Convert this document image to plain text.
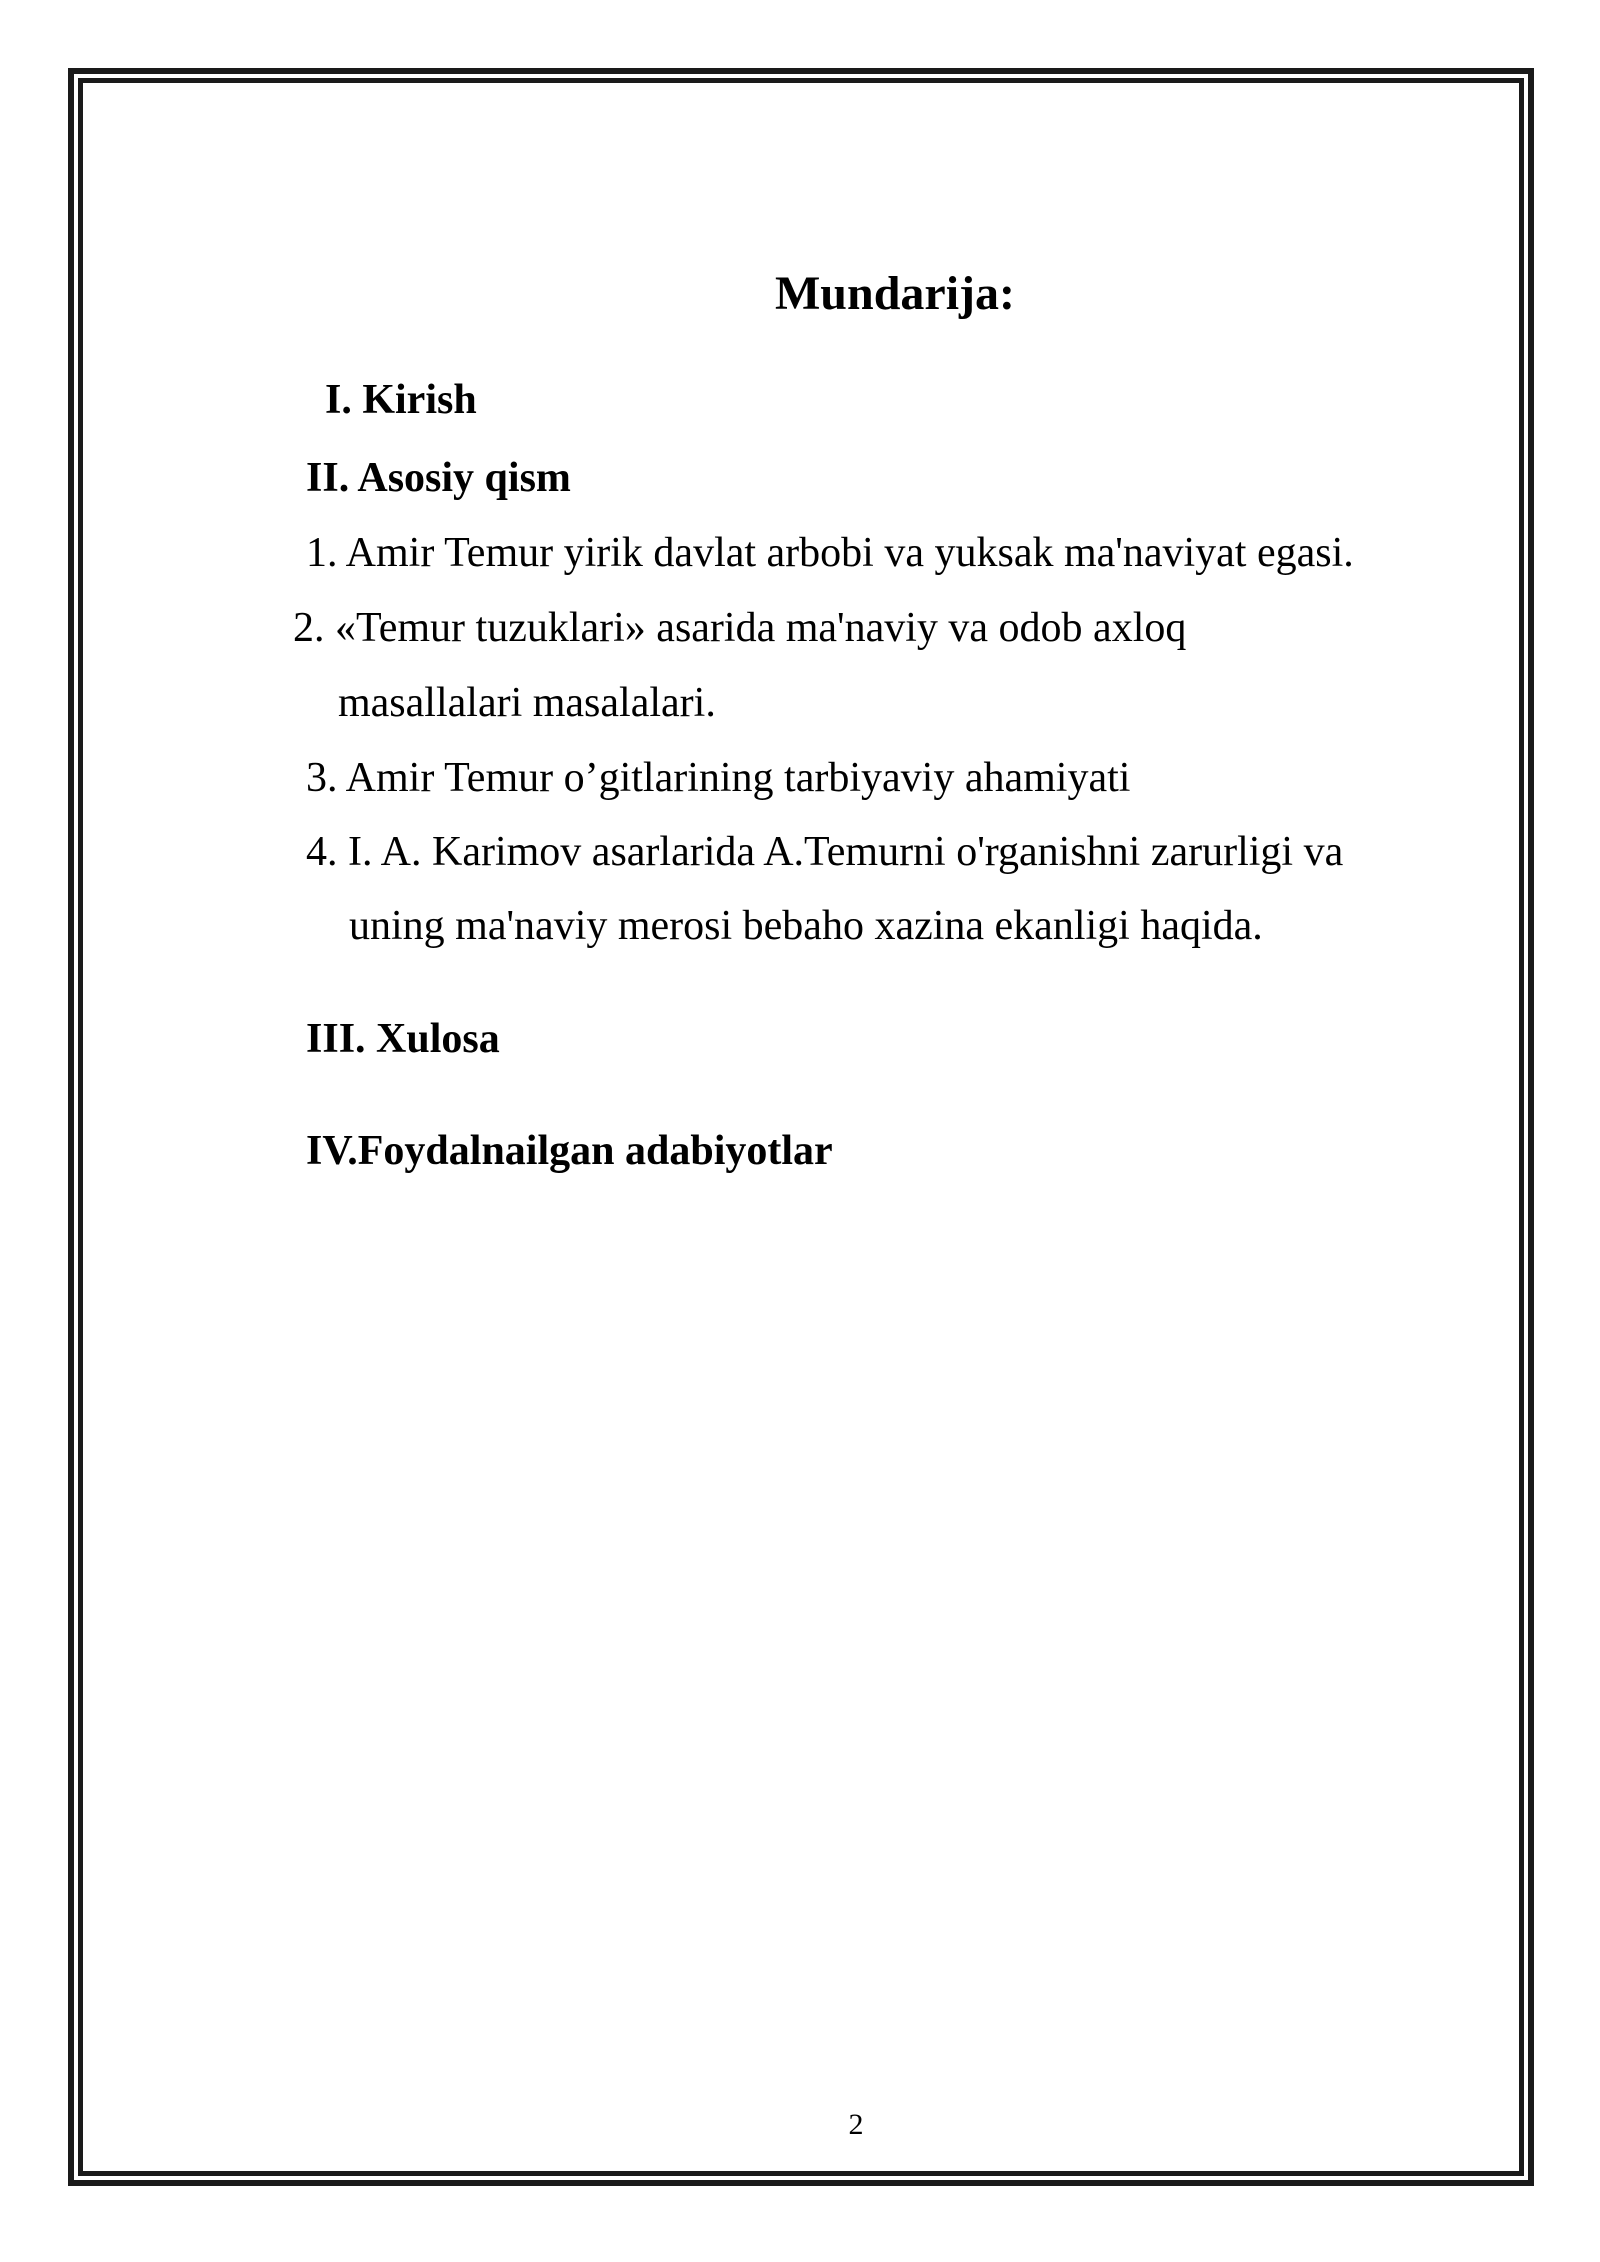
Mundarija:
I. Kirish
II. Asosiy qism
1. Amir Temur yirik davlat arbobi va yuksak ma'naviyat egasi.
2. «Temur tuzuklari» asarida ma'naviy va odob axloq
masallalari masalalari.
3. Amir Temur o’gitlarining tarbiyaviy ahamiyati
4. I. A. Karimov asarlarida A.Temurni o'rganishni zarurligi va
uning ma'naviy merosi bebaho xazina ekanligi haqida.
III. Xulosa
IV.Foydalnailgan adabiyotlar
2
